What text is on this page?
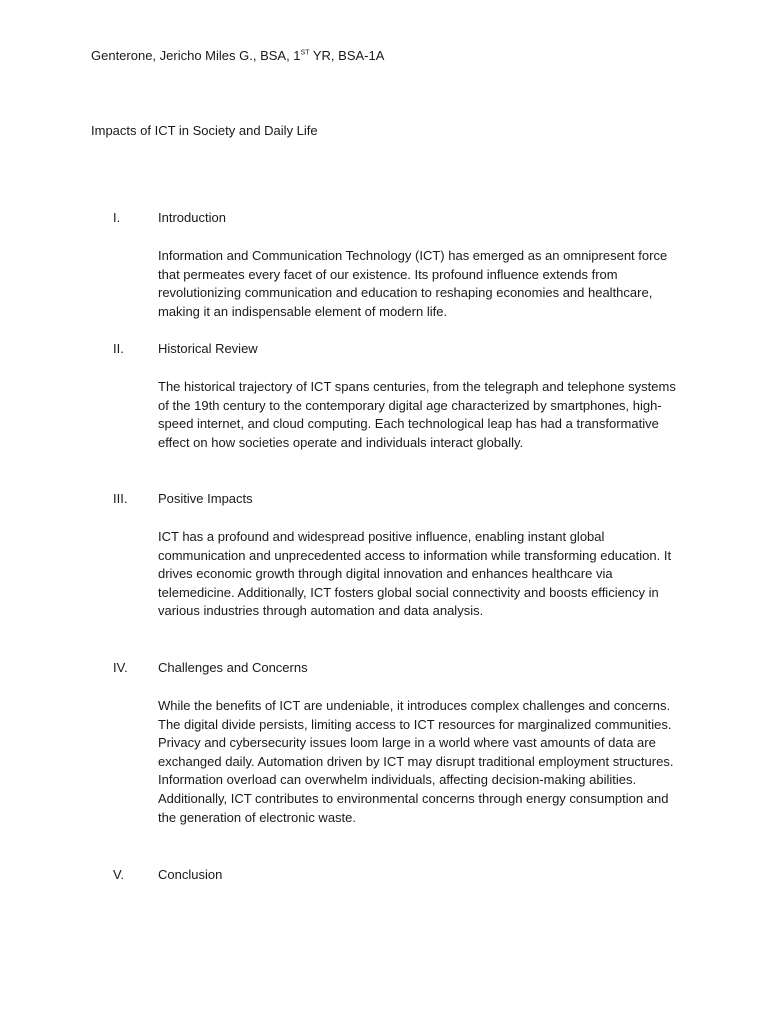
Genterone, Jericho Miles G., BSA, 1ST YR, BSA-1A
Impacts of ICT in Society and Daily Life
I.	Introduction

Information and Communication Technology (ICT) has emerged as an omnipresent force that permeates every facet of our existence. Its profound influence extends from revolutionizing communication and education to reshaping economies and healthcare, making it an indispensable element of modern life.

II.	Historical Review

The historical trajectory of ICT spans centuries, from the telegraph and telephone systems of the 19th century to the contemporary digital age characterized by smartphones, high-speed internet, and cloud computing. Each technological leap has had a transformative effect on how societies operate and individuals interact globally.

III. Positive Impacts

ICT has a profound and widespread positive influence, enabling instant global communication and unprecedented access to information while transforming education. It drives economic growth through digital innovation and enhances healthcare via telemedicine. Additionally, ICT fosters global social connectivity and boosts efficiency in various industries through automation and data analysis.

IV. Challenges and Concerns

While the benefits of ICT are undeniable, it introduces complex challenges and concerns. The digital divide persists, limiting access to ICT resources for marginalized communities. Privacy and cybersecurity issues loom large in a world where vast amounts of data are exchanged daily. Automation driven by ICT may disrupt traditional employment structures. Information overload can overwhelm individuals, affecting decision-making abilities. Additionally, ICT contributes to environmental concerns through energy consumption and the generation of electronic waste.

V.	Conclusion
